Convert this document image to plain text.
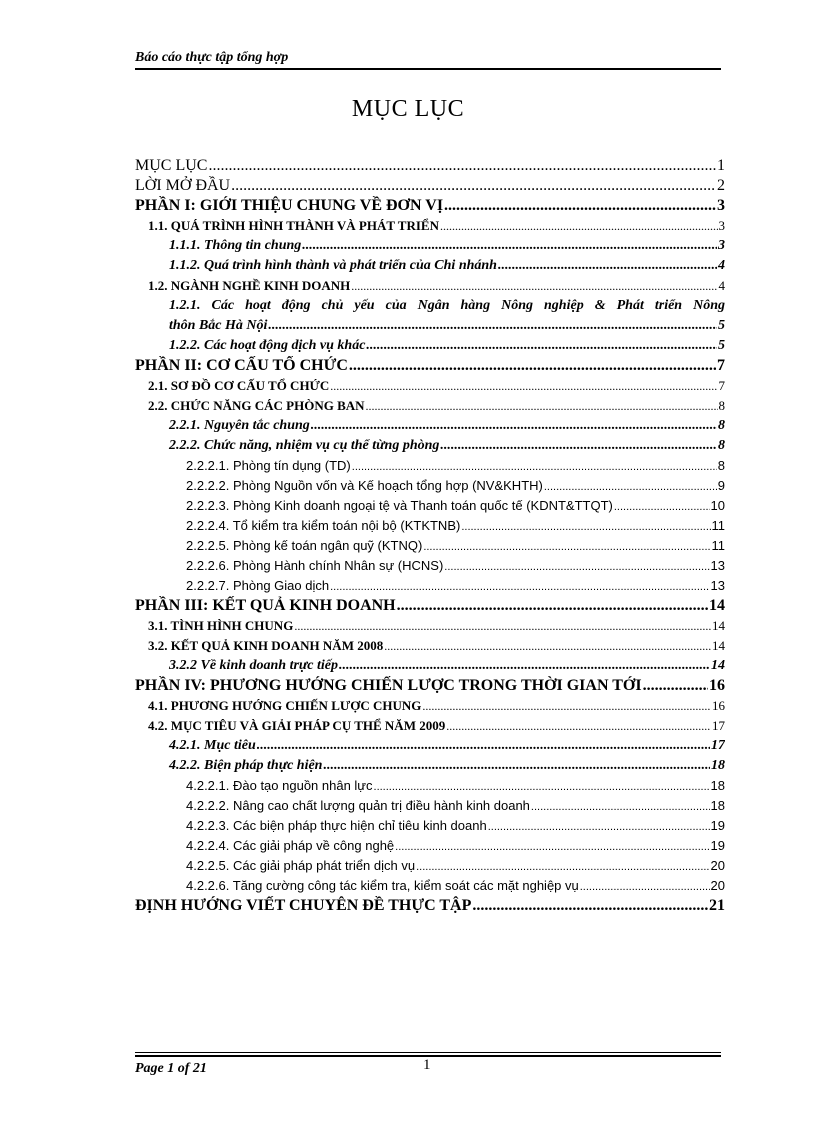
Báo cáo thực tập tổng hợp
MỤC LỤC
MỤC LỤC .....	1
LỜI MỞ ĐẦU .....	2
PHẦN I: GIỚI THIỆU CHUNG VỀ ĐƠN VỊ .....	3
1.1. QUÁ TRÌNH HÌNH THÀNH VÀ PHÁT TRIỂN .....	3
1.1.1. Thông tin chung .....	3
1.1.2. Quá trình hình thành và phát triển của Chi nhánh .....	4
1.2. NGÀNH NGHỀ KINH DOANH .....	4
1.2.1. Các hoạt động chủ yếu của Ngân hàng Nông nghiệp & Phát triển Nông
thôn Bắc Hà Nội .....	5
1.2.2. Các hoạt động dịch vụ khác .....	5
PHẦN II: CƠ CẤU TỔ CHỨC .....	7
2.1. SƠ ĐỒ CƠ CẤU TỔ CHỨC .....	7
2.2. CHỨC NĂNG CÁC PHÒNG BAN .....	8
2.2.1. Nguyên tắc chung .....	8
2.2.2. Chức năng, nhiệm vụ cụ thể từng phòng .....	8
2.2.2.1. Phòng tín dụng (TD) .....	8
2.2.2.2. Phòng Nguồn vốn và Kế hoạch tổng hợp (NV&KHTH) .....	9
2.2.2.3. Phòng Kinh doanh ngoại tệ và Thanh toán quốc tế (KDNT&TTQT) .....	10
2.2.2.4. Tổ kiểm tra kiểm toán nội bộ (KTKTNB) .....	11
2.2.2.5. Phòng kế toán ngân quỹ (KTNQ) .....	11
2.2.2.6. Phòng Hành chính Nhân sự (HCNS) .....	13
2.2.2.7. Phòng Giao dịch .....	13
PHẦN III: KẾT QUẢ KINH DOANH .....	14
3.1. TÌNH HÌNH CHUNG .....	14
3.2. KẾT QUẢ KINH DOANH NĂM 2008 .....	14
3.2.2 Về kinh doanh trực tiếp .....	14
PHẦN IV: PHƯƠNG HƯỚNG CHIẾN LƯỢC TRONG THỜI GIAN TỚI .....	16
4.1. PHƯƠNG HƯỚNG CHIẾN LƯỢC CHUNG .....	16
4.2. MỤC TIÊU VÀ GIẢI PHÁP CỤ THỂ NĂM 2009 .....	17
4.2.1. Mục tiêu .....	17
4.2.2. Biện pháp thực hiện .....	18
4.2.2.1. Đào tạo nguồn nhân lực .....	18
4.2.2.2. Nâng cao chất lượng quản trị điều hành kinh doanh .....	18
4.2.2.3. Các biện pháp thực hiện chỉ tiêu kinh doanh .....	19
4.2.2.4. Các giải pháp về công nghệ .....	19
4.2.2.5. Các giải pháp phát triển dịch vụ .....	20
4.2.2.6. Tăng cường công tác kiểm tra, kiểm soát các mặt nghiệp vụ .....	20
ĐỊNH HƯỚNG VIẾT CHUYÊN ĐỀ THỰC TẬP .....	21
Page 1 of 21	1
